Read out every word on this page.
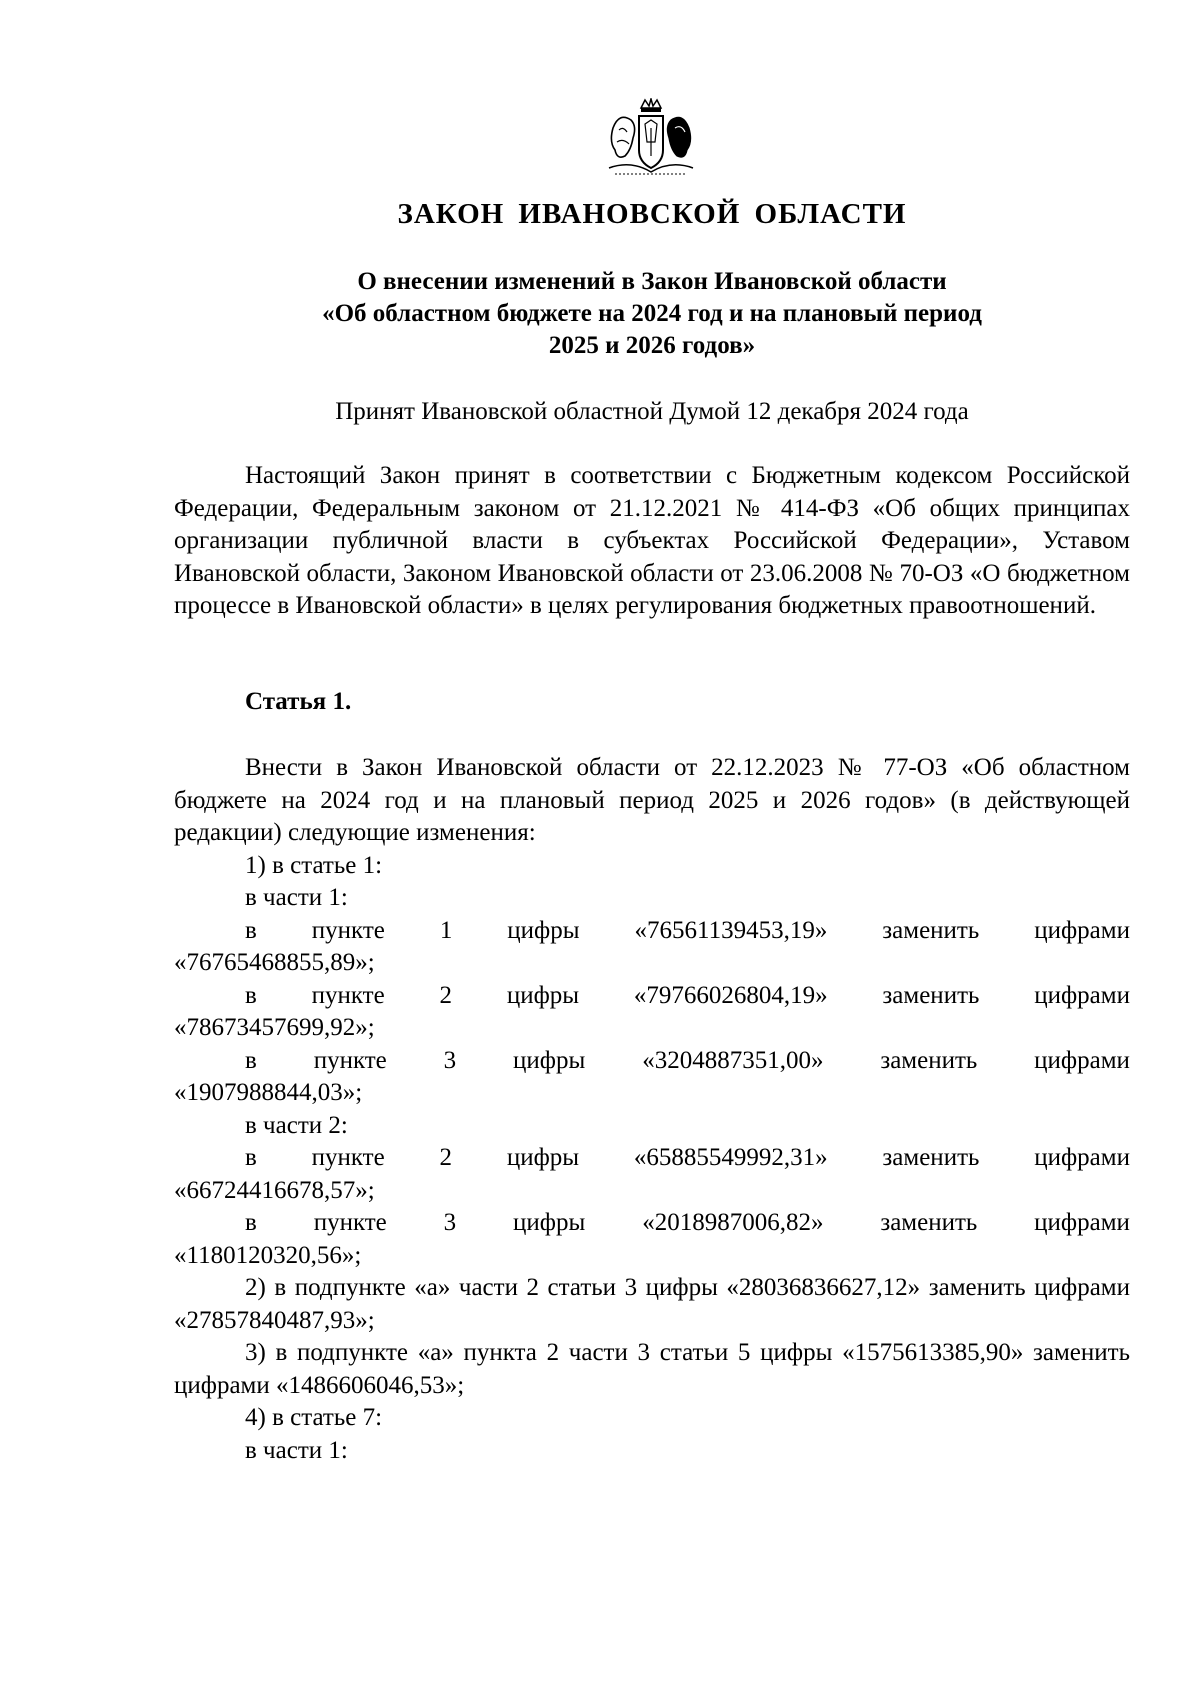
ЗАКОН ИВАНОВСКОЙ ОБЛАСТИ
О внесении изменений в Закон Ивановской области
«Об областном бюджете на 2024 год и на плановый период
2025 и 2026 годов»

Принят Ивановской областной Думой 12 декабря 2024 года

Настоящий Закон принят в соответствии с Бюджетным кодексом Российской Федерации, Федеральным законом от 21.12.2021 № 414-ФЗ «Об общих принципах организации публичной власти в субъектах Российской Федерации», Уставом Ивановской области, Законом Ивановской области от 23.06.2008 № 70-ОЗ «О бюджетном процессе в Ивановской области» в целях регулирования бюджетных правоотношений.

Статья 1.

Внести в Закон Ивановской области от 22.12.2023 № 77-ОЗ «Об областном бюджете на 2024 год и на плановый период 2025 и 2026 годов» (в действующей редакции) следующие изменения:
1) в статье 1:
в части 1:
в пункте 1 цифры «76561139453,19» заменить цифрами
«76765468855,89»;
в пункте 2 цифры «79766026804,19» заменить цифрами
«78673457699,92»;
в пункте 3 цифры «3204887351,00» заменить цифрами
«1907988844,03»;
в части 2:
в пункте 2 цифры «65885549992,31» заменить цифрами
«66724416678,57»;
в пункте 3 цифры «2018987006,82» заменить цифрами
«1180120320,56»;
2) в подпункте «а» части 2 статьи 3 цифры «28036836627,12» заменить цифрами «27857840487,93»;
3) в подпункте «а» пункта 2 части 3 статьи 5 цифры «1575613385,90» заменить цифрами «1486606046,53»;
4) в статье 7:
в части 1:
